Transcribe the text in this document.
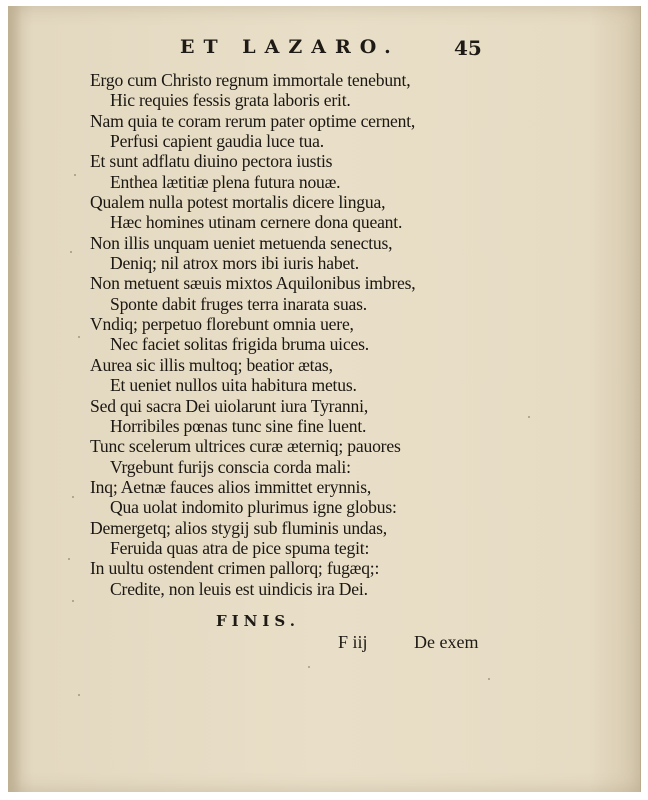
ET LAZARO.	45
Ergo cum Christo regnum immortale tenebunt,
Hic requies fessis grata laboris erit.
Nam quia te coram rerum pater optime cernent,
Perfusi capient gaudia luce tua.
Et sunt adflatu diuino pectora iustis
Enthea lætitiæ plena futura nouæ.
Qualem nulla potest mortalis dicere lingua,
Hæc homines utinam cernere dona queant.
Non illis unquam ueniet metuenda senectus,
Deniq; nil atrox mors ibi iuris habet.
Non metuent sæuis mixtos Aquilonibus imbres,
Sponte dabit fruges terra inarata suas.
Vndiq; perpetuo florebunt omnia uere,
Nec faciet solitas frigida bruma uices.
Aurea sic illis multoq; beatior ætas,
Et ueniet nullos uita habitura metus.
Sed qui sacra Dei uiolarunt iura Tyranni,
Horribiles pœnas tunc sine fine luent.
Tunc scelerum ultrices curæ æterniq; pauores
Vrgebunt furijs conscia corda mali:
Inq; Aetnæ fauces alios immittet erynnis,
Qua uolat indomito plurimus igne globus:
Demergetq; alios stygij sub fluminis undas,
Feruida quas atra de pice spuma tegit:
In uultu ostendent crimen pallorq; fugæq;:
Credite, non leuis est uindicis ira Dei.
FINIS.
F iij	De exem
